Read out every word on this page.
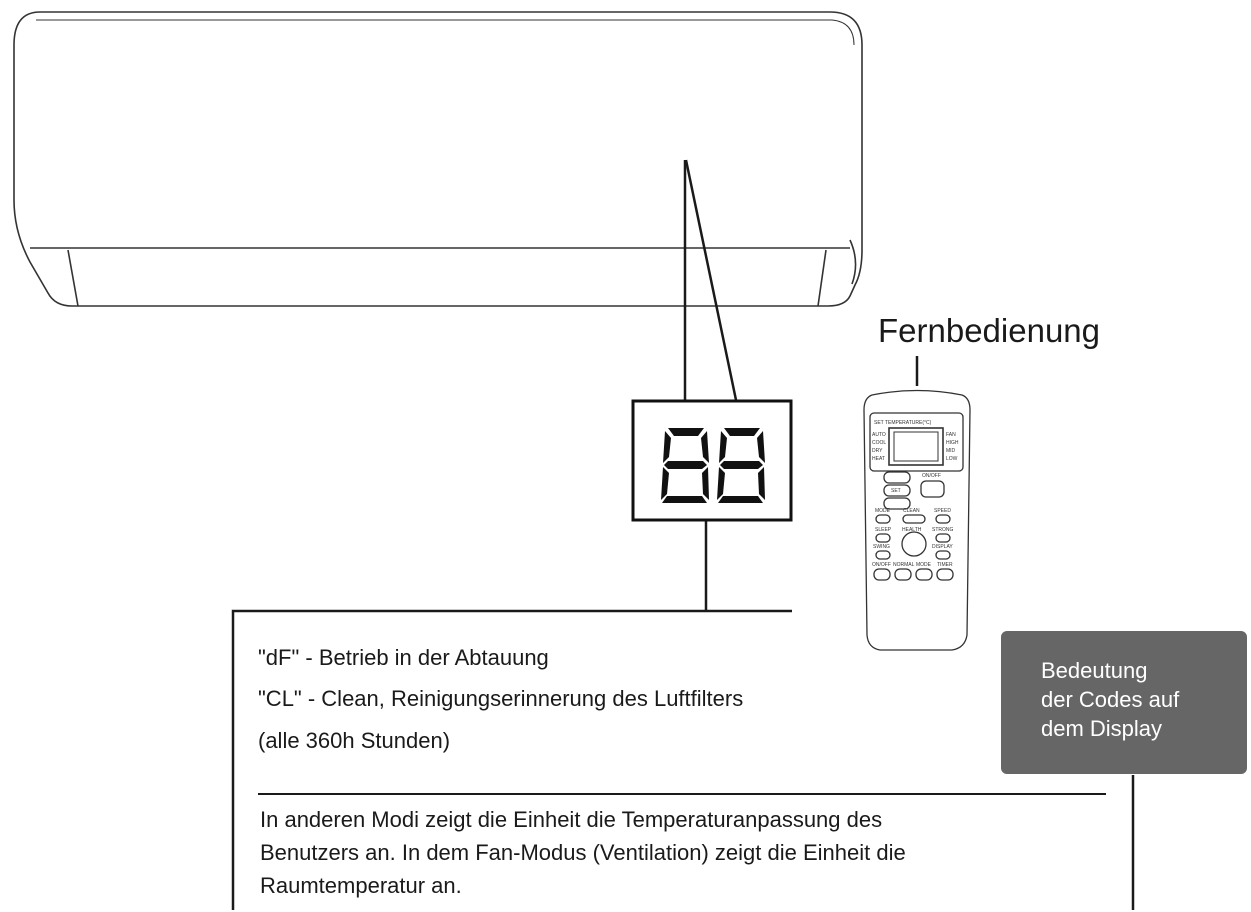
SET TEMPERATURE(°C)
AUTO
COOL
DRY
HEAT
FAN
HIGH
MID
LOW
SET
ON/OFF
MODE	CLEAN	SPEED
SLEEP HEALTH STRONG
SWING	DISPLAY
ON/OFF NORMAL MODE TIMER
Fernbedienung
"dF" - Betrieb in der Abtauung
"CL" - Clean, Reinigungserinnerung des Luftfilters
(alle 360h Stunden)
In anderen Modi zeigt die Einheit die Temperaturanpassung des
Benutzers an. In dem Fan-Modus (Ventilation) zeigt die Einheit die
Raumtemperatur an.
Bedeutung
der Codes auf
dem Display
